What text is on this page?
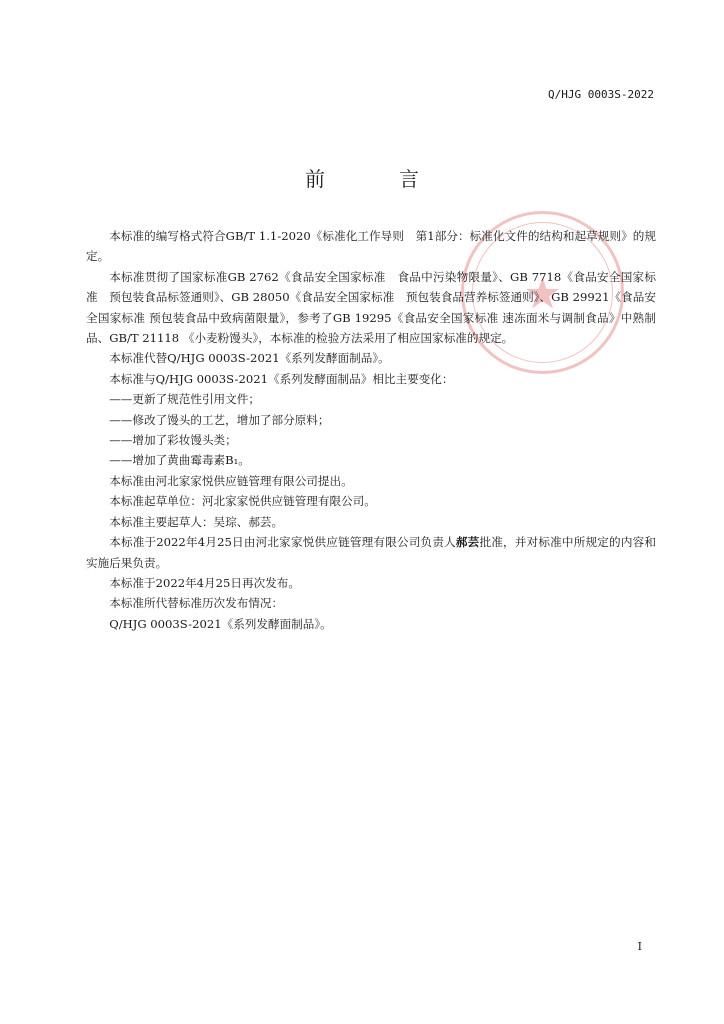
Q/HJG 0003S-2022
前	言

本标准的编写格式符合GB/T 1.1-2020《标准化工作导则　第1部分：标准化文件的结构和起草规则》的规定。

本标准贯彻了国家标准GB 2762《食品安全国家标准　食品中污染物限量》、GB 7718《食品安全国家标准　预包装食品标签通则》、GB 28050《食品安全国家标准　预包装食品营养标签通则》、GB 29921《食品安全国家标准 预包装食品中致病菌限量》，参考了GB 19295《食品安全国家标准 速冻面米与调制食品》中熟制品、GB/T 21118 《小麦粉馒头》，本标准的检验方法采用了相应国家标准的规定。

本标准代替Q/HJG 0003S-2021《系列发酵面制品》。

本标准与Q/HJG 0003S-2021《系列发酵面制品》相比主要变化：

——更新了规范性引用文件；

——修改了馒头的工艺，增加了部分原料；

——增加了彩妆馒头类；

——增加了黄曲霉毒素B₁。

本标准由河北家家悦供应链管理有限公司提出。

本标准起草单位：河北家家悦供应链管理有限公司。

本标准主要起草人：吴琮、郝芸。

本标准于2022年4月25日由河北家家悦供应链管理有限公司负责人郝芸批准，并对标准中所规定的内容和实施后果负责。

本标准于2022年4月25日再次发布。

本标准所代替标准历次发布情况：

Q/HJG 0003S-2021《系列发酵面制品》。

I
